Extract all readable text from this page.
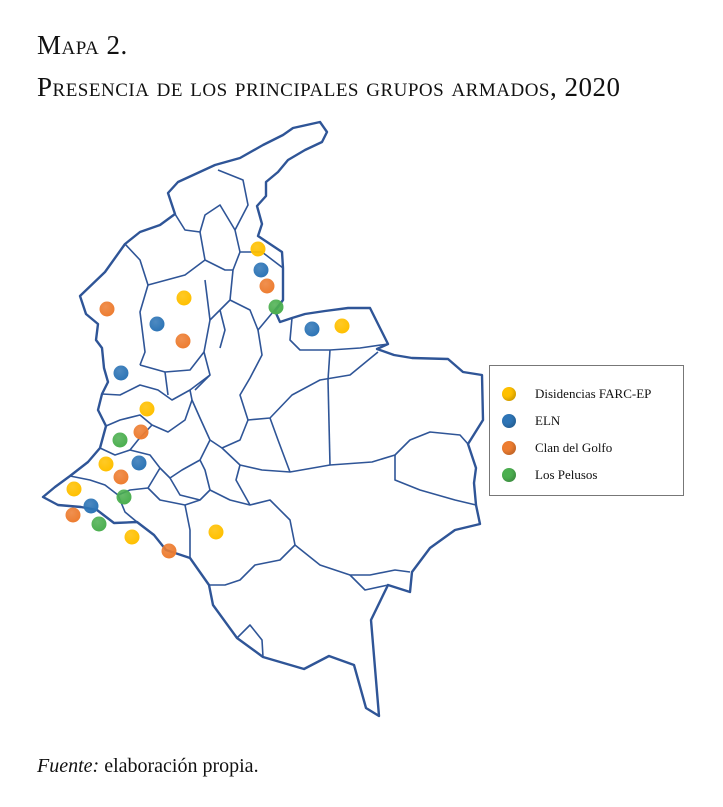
Mapa 2.
Presencia de los principales grupos armados, 2020
Disidencias FARC-EP
ELN
Clan del Golfo
Los Pelusos
Fuente: elaboración propia.
